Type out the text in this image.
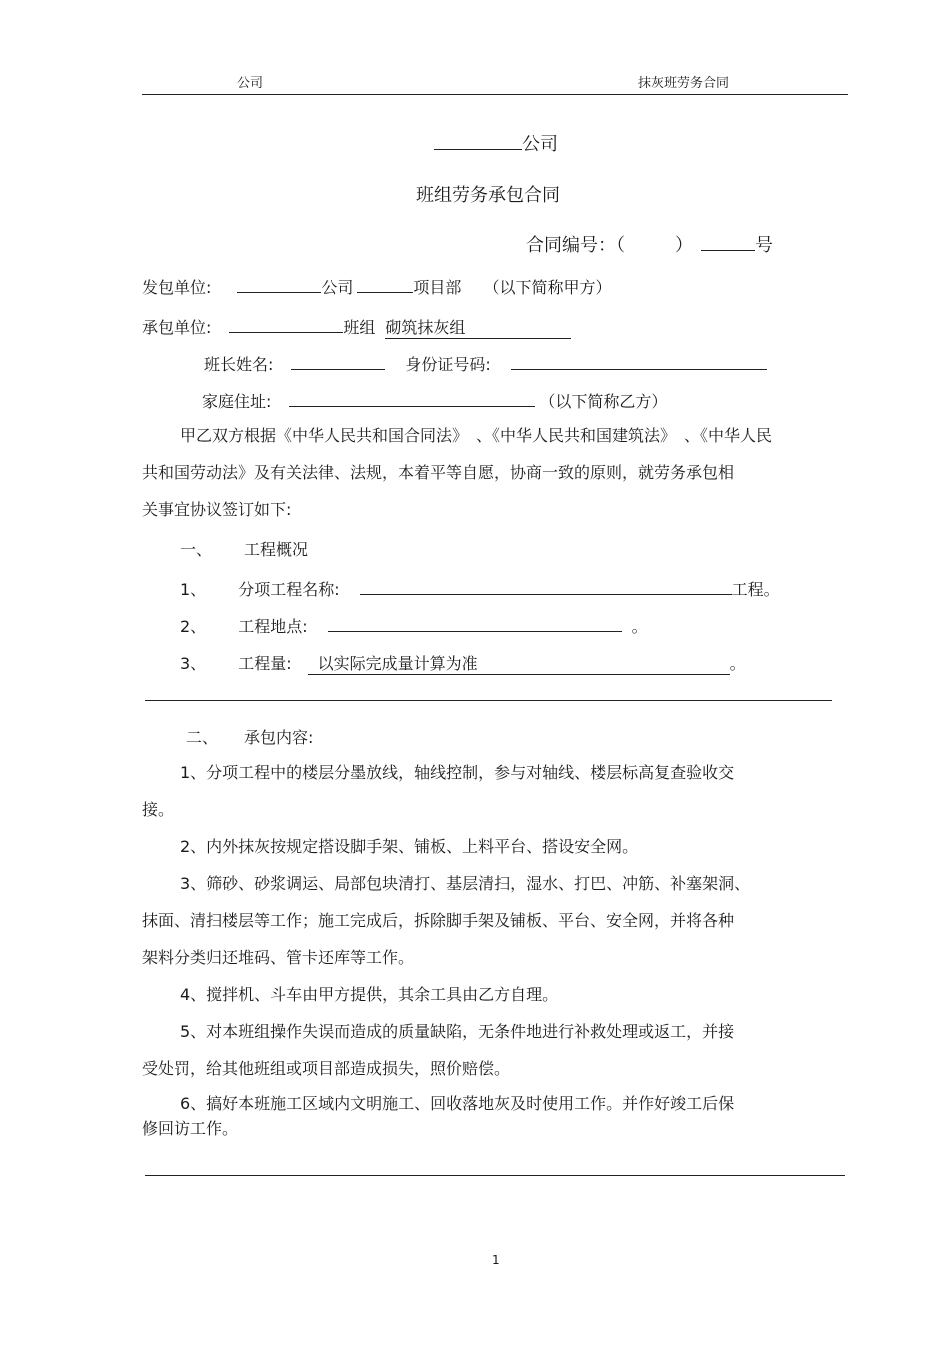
公司	抹灰班劳务合同
公司
班组劳务承包合同
合同编号：（	）	号
发包单位:	公司	项目部 （以下简称甲方）
承包单位:	班组 砌筑抹灰组
班长姓名:	身份证号码:
家庭住址:	（以下简称乙方）

甲乙双方根据《中华人民共和国合同法》　、《中华人民共和国建筑法》　、《中华人民

共和国劳动法》及有关法律、法规，本着平等自愿，协商一致的原则，就劳务承包相

关事宜协议签订如下:

一、 工程概况
1、 分项工程名称:	工程。
2、 工程地点:	。
3、 工程量: 以实际完成量计算为准	。
二、 承包内容:

1、分项工程中的楼层分墨放线，轴线控制，参与对轴线、楼层标高复查验收交

接。

2、内外抹灰按规定搭设脚手架、铺板、上料平台、搭设安全网。

3、筛砂、砂浆调运、局部包块清打、基层清扫，湿水、打巴、冲筋、补塞架洞、

抹面、清扫楼层等工作；施工完成后，拆除脚手架及铺板、平台、安全网，并将各种

架料分类归还堆码、管卡还库等工作。

4、搅拌机、斗车由甲方提供，其余工具由乙方自理。

5、对本班组操作失误而造成的质量缺陷，无条件地进行补救处理或返工，并接

受处罚，给其他班组或项目部造成损失，照价赔偿。

6、搞好本班施工区域内文明施工、回收落地灰及时使用工作。并作好竣工后保

修回访工作。

1
